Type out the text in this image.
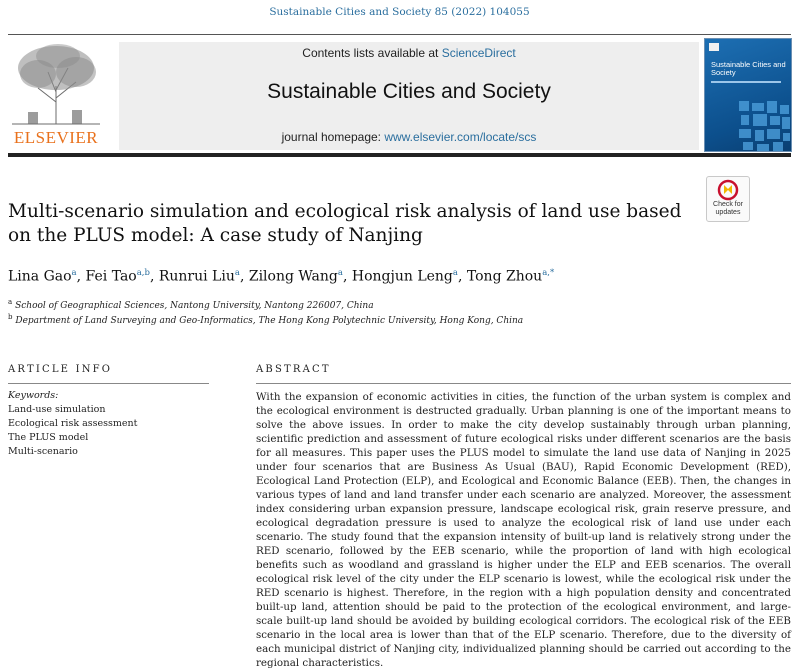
Sustainable Cities and Society 85 (2022) 104055
ELSEVIER
Contents lists available at ScienceDirect
Sustainable Cities and Society
journal homepage: www.elsevier.com/locate/scs
Sustainable Cities and Society
Check for
updates
Multi-scenario simulation and ecological risk analysis of land use based on the PLUS model: A case study of Nanjing
Lina Gao$^a$, Fei Tao$^{a,b}$, Runrui Liu$^a$, Zilong Wang$^a$, Hongjun Leng$^a$, Tong Zhou$^{a,*}$
$^a$ School of Geographical Sciences, Nantong University, Nantong 226007, China
$^b$ Department of Land Surveying and Geo-Informatics, The Hong Kong Polytechnic University, Hong Kong, China
ARTICLE INFO
Keywords:
Land-use simulation
Ecological risk assessment
The PLUS model
Multi-scenario
ABSTRACT
With the expansion of economic activities in cities, the function of the urban system is complex and the ecological environment is destructed gradually. Urban planning is one of the important means to solve the above issues. In order to make the city develop sustainably through urban planning, scientific prediction and assessment of future ecological risks under different scenarios are the basis for all measures. This paper uses the PLUS model to simulate the land use data of Nanjing in 2025 under four scenarios that are Business As Usual (BAU), Rapid Economic Development (RED), Ecological Land Protection (ELP), and Ecological and Economic Balance (EEB). Then, the changes in various types of land and land transfer under each scenario are analyzed. Moreover, the assessment index considering urban expansion pressure, landscape ecological risk, grain reserve pressure, and ecological degradation pressure is used to analyze the ecological risk of land use under each scenario. The study found that the expansion intensity of built-up land is relatively strong under the RED scenario, followed by the EEB scenario, while the proportion of land with high ecological benefits such as woodland and grassland is higher under the ELP and EEB scenarios. The overall ecological risk level of the city under the ELP scenario is lowest, while the ecological risk under the RED scenario is highest. Therefore, in the region with a high population density and concentrated built-up land, attention should be paid to the protection of the ecological environment, and large-scale built-up land should be avoided by building ecological corridors. The ecological risk of the EEB scenario in the local area is lower than that of the ELP scenario. Therefore, due to the diversity of each municipal district of Nanjing city, individualized planning should be carried out according to the regional characteristics.
